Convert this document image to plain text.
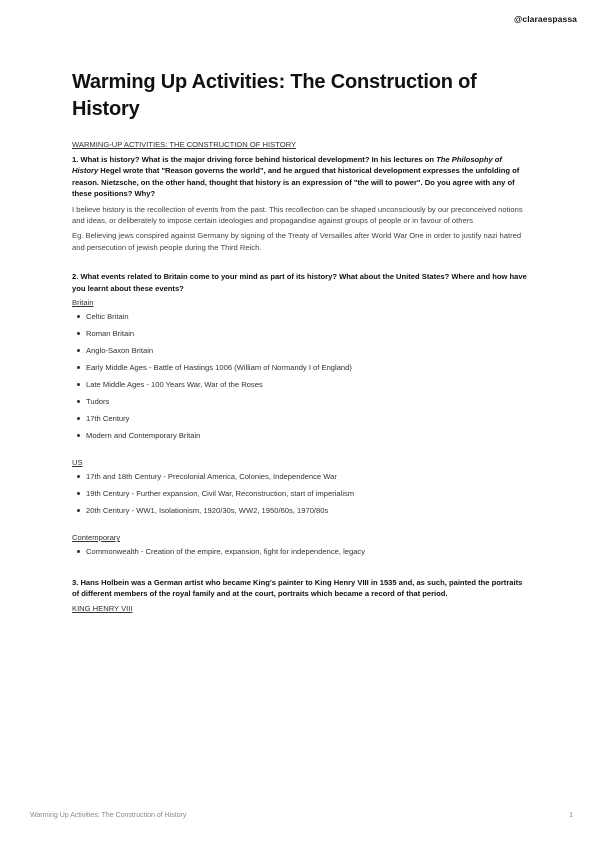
@claraespassa
Warming Up Activities: The Construction of History
WARMING-UP ACTIVITIES: THE CONSTRUCTION OF HISTORY
1. What is history? What is the major driving force behind historical development? In his lectures on The Philosophy of History Hegel wrote that "Reason governs the world", and he argued that historical development expresses the unfolding of reason. Nietzsche, on the other hand, thought that history is an expression of "the will to power". Do you agree with any of these positions? Why?
I believe history is the recollection of events from the past. This recollection can be shaped unconsciously by our preconceived notions and ideas, or deliberately to impose certain ideologies and propagandise against groups of people or in favour of others
Eg. Believing jews conspired against Germany by signing of the Treaty of Versailles after World War One in order to justify nazi hatred and persecution of jewish people during the Third Reich.
2. What events related to Britain come to your mind as part of its history? What about the United States? Where and how have you learnt about these events?
Britain
Celtic Britain
Roman Britain
Anglo-Saxon Britain
Early Middle Ages - Battle of Hastings 1006 (William of Normandy I of England)
Late Middle Ages - 100 Years War, War of the Roses
Tudors
17th Century
Modern and Contemporary Britain
US
17th and 18th Century - Precolonial America, Colonies, Independence War
19th Century - Further expansion, Civil War, Reconstruction, start of imperialism
20th Century - WW1, Isolationism, 1920/30s, WW2, 1950/60s, 1970/80s
Contemporary
Commonwealth - Creation of the empire, expansion, fight for independence, legacy
3. Hans Holbein was a German artist who became King's painter to King Henry VIII in 1535 and, as such, painted the portraits of different members of the royal family and at the court, portraits which became a record of that period.
KING HENRY VIII
Warming Up Activities: The Construction of History	1
